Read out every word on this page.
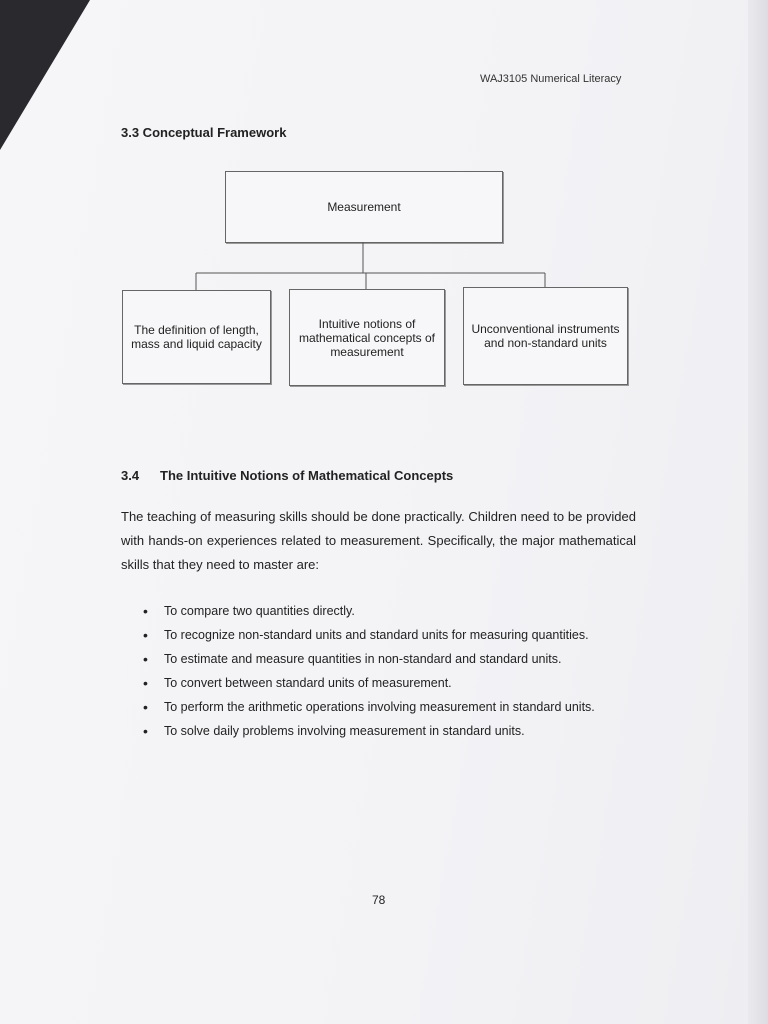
WAJ3105 Numerical Literacy
3.3 Conceptual Framework
Measurement
The definition of length, mass and liquid capacity
Intuitive notions of mathematical concepts of measurement
Unconventional instruments and non-standard units
3.4 The Intuitive Notions of Mathematical Concepts
The teaching of measuring skills should be done practically. Children need to be provided with hands-on experiences related to measurement. Specifically, the major mathematical skills that they need to master are:
• To compare two quantities directly.
• To recognize non-standard units and standard units for measuring quantities.
• To estimate and measure quantities in non-standard and standard units.
• To convert between standard units of measurement.
• To perform the arithmetic operations involving measurement in standard units.
• To solve daily problems involving measurement in standard units.
78
